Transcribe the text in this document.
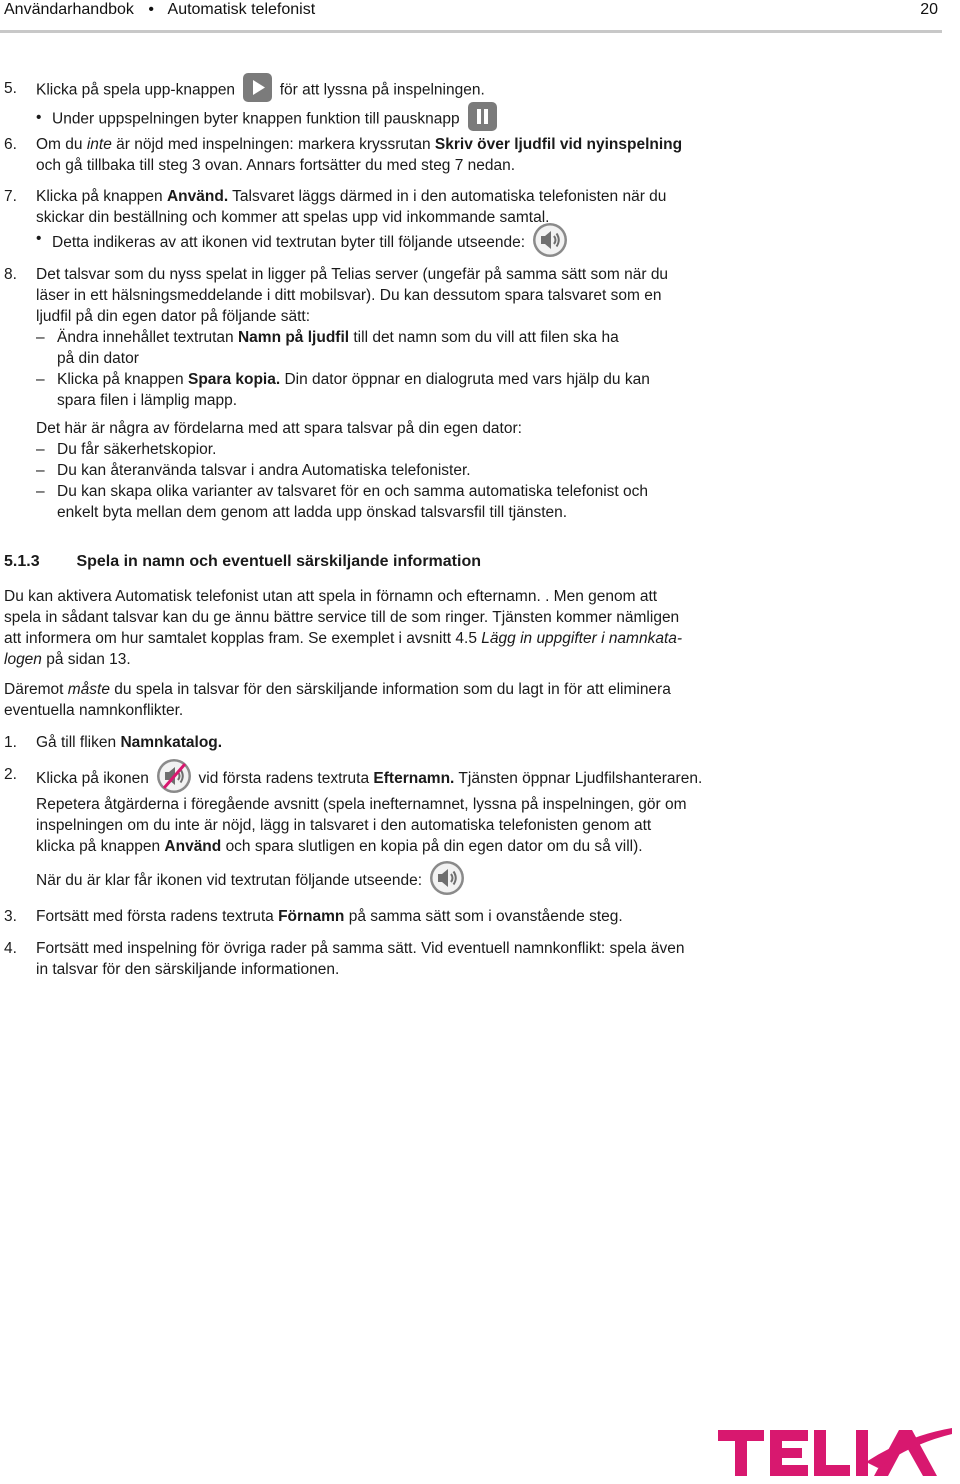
Användarhandbok • Automatisk telefonist	20
5. Klicka på spela upp-knappen	för att lyssna på inspelningen.
• Under uppspelningen byter knappen funktion till pausknapp
6. Om du inte är nöjd med inspelningen: markera kryssrutan Skriv över ljudfil vid nyinspelning
och gå tillbaka till steg 3 ovan. Annars fortsätter du med steg 7 nedan.
7. Klicka på knappen Använd. Talsvaret läggs därmed in i den automatiska telefonisten när du
skickar din beställning och kommer att spelas upp vid inkommande samtal.
• Detta indikeras av att ikonen vid textrutan byter till följande utseende:
8. Det talsvar som du nyss spelat in ligger på Telias server (ungefär på samma sätt som när du
läser in ett hälsningsmeddelande i ditt mobilsvar). Du kan dessutom spara talsvaret som en
ljudfil på din egen dator på följande sätt:
– Ändra innehållet textrutan Namn på ljudfil till det namn som du vill att filen ska ha
på din dator
– Klicka på knappen Spara kopia. Din dator öppnar en dialogruta med vars hjälp du kan
spara filen i lämplig mapp.
Det här är några av fördelarna med att spara talsvar på din egen dator:
– Du får säkerhetskopior.
– Du kan återanvända talsvar i andra Automatiska telefonister.
– Du kan skapa olika varianter av talsvaret för en och samma automatiska telefonist och
enkelt byta mellan dem genom att ladda upp önskad talsvarsfil till tjänsten.
5.1.3 Spela in namn och eventuell särskiljande information
Du kan aktivera Automatisk telefonist utan att spela in förnamn och efternamn. . Men genom att
spela in sådant talsvar kan du ge ännu bättre service till de som ringer. Tjänsten kommer nämligen
att informera om hur samtalet kopplas fram. Se exemplet i avsnitt 4.5 Lägg in uppgifter i namnkata-
logen på sidan 13.
Däremot måste du spela in talsvar för den särskiljande information som du lagt in för att eliminera
eventuella namnkonflikter.
1. Gå till fliken Namnkatalog.
2. Klicka på ikonen	vid första radens textruta Efternamn. Tjänsten öppnar Ljudfilshanteraren.
Repetera åtgärderna i föregående avsnitt (spela inefternamnet, lyssna på inspelningen, gör om
inspelningen om du inte är nöjd, lägg in talsvaret i den automatiska telefonisten genom att
klicka på knappen Använd och spara slutligen en kopia på din egen dator om du så vill).
När du är klar får ikonen vid textrutan följande utseende:
3. Fortsätt med första radens textruta Förnamn på samma sätt som i ovanstående steg.
4. Fortsätt med inspelning för övriga rader på samma sätt. Vid eventuell namnkonflikt: spela även
in talsvar för den särskiljande informationen.
